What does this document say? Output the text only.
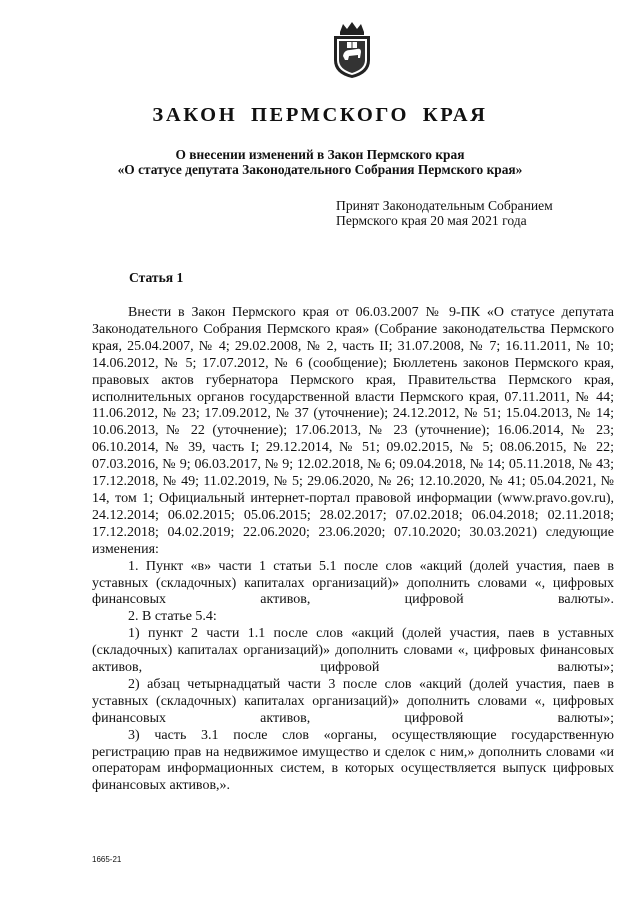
ЗАКОН ПЕРМСКОГО КРАЯ
О внесении изменений в Закон Пермского края
«О статусе депутата Законодательного Собрания Пермского края»
Принят Законодательным Собранием
Пермского края 20 мая 2021 года
Статья 1

Внести в Закон Пермского края от 06.03.2007 № 9-ПК «О статусе депутата Законодательного Собрания Пермского края» (Собрание законодательства Пермского края, 25.04.2007, № 4; 29.02.2008, № 2, часть II; 31.07.2008, № 7; 16.11.2011, № 10; 14.06.2012, № 5; 17.07.2012, № 6 (сообщение); Бюллетень законов Пермского края, правовых актов губернатора Пермского края, Правительства Пермского края, исполнительных органов государственной власти Пермского края, 07.11.2011, № 44; 11.06.2012, № 23; 17.09.2012, № 37 (уточнение); 24.12.2012, № 51; 15.04.2013, № 14; 10.06.2013, № 22 (уточнение); 17.06.2013, № 23 (уточнение); 16.06.2014, № 23; 06.10.2014, № 39, часть I; 29.12.2014, № 51; 09.02.2015, № 5; 08.06.2015, № 22; 07.03.2016, № 9; 06.03.2017, № 9; 12.02.2018, № 6; 09.04.2018, № 14; 05.11.2018, № 43; 17.12.2018, № 49; 11.02.2019, № 5; 29.06.2020, № 26; 12.10.2020, № 41; 05.04.2021, № 14, том 1; Официальный интернет-портал правовой информации (www.pravo.gov.ru), 24.12.2014; 06.02.2015; 05.06.2015; 28.02.2017; 07.02.2018; 06.04.2018; 02.11.2018; 17.12.2018; 04.02.2019; 22.06.2020; 23.06.2020; 07.10.2020; 30.03.2021) следующие изменения:

1. Пункт «в» части 1 статьи 5.1 после слов «акций (долей участия, паев в уставных (складочных) капиталах организаций)» дополнить словами «, цифровых финансовых активов, цифровой валюты».

2. В статье 5.4:

1) пункт 2 части 1.1 после слов «акций (долей участия, паев в уставных (складочных) капиталах организаций)» дополнить словами «, цифровых финансовых активов, цифровой валюты»;

2) абзац четырнадцатый части 3 после слов «акций (долей участия, паев в уставных (складочных) капиталах организаций)» дополнить словами «, цифровых финансовых активов, цифровой валюты»;

3) часть 3.1 после слов «органы, осуществляющие государственную регистрацию прав на недвижимое имущество и сделок с ним,» дополнить словами «и операторам информационных систем, в которых осуществляется выпуск цифровых финансовых активов,».

1665-21
